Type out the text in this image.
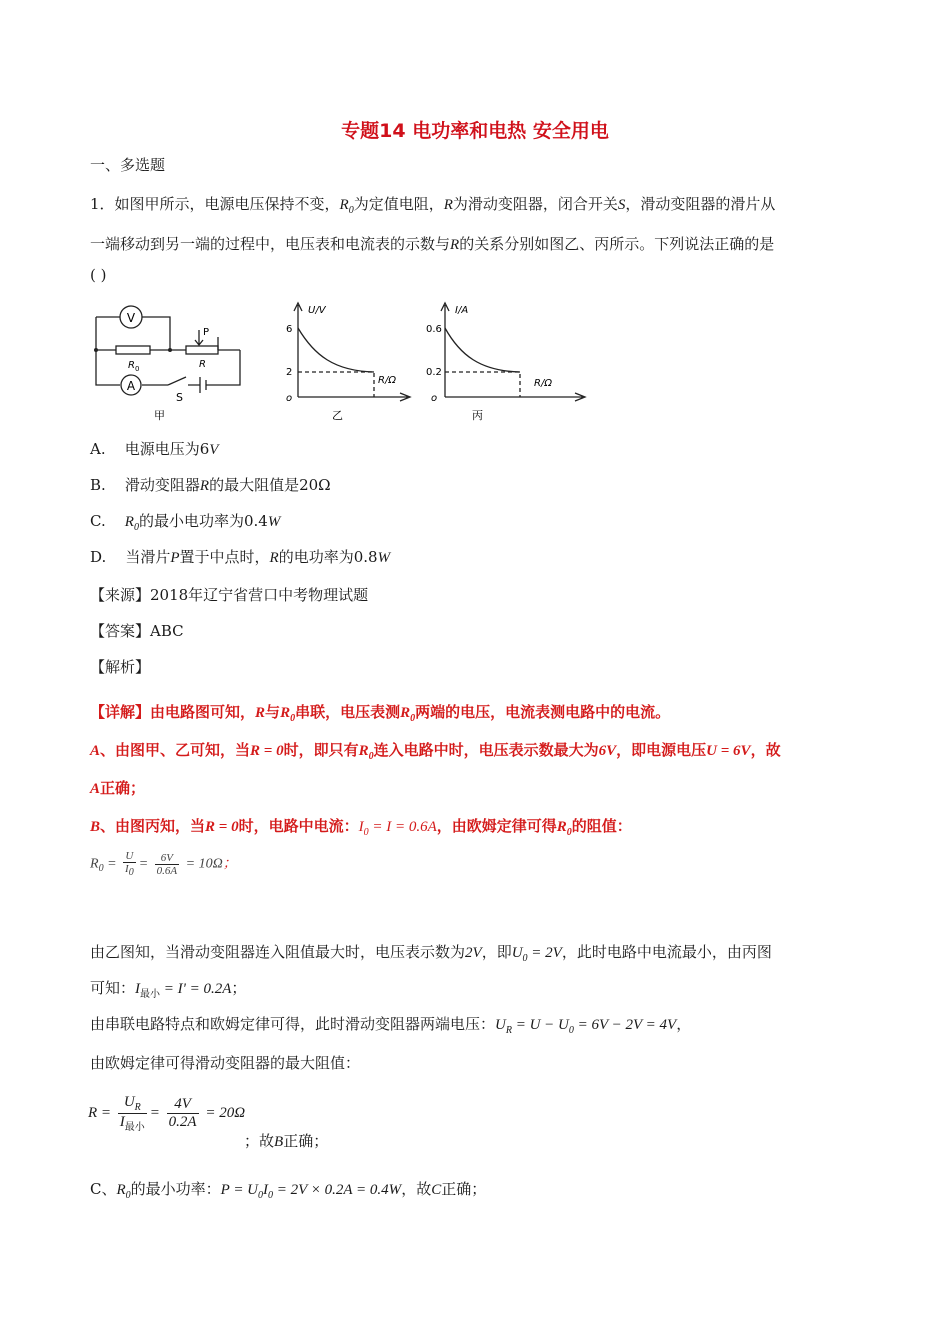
专题14 电功率和电热 安全用电
一、多选题
1．如图甲所示，电源电压保持不变，$R_0$为定值电阻，R为滑动变阻器，闭合开关S，滑动变阻器的滑片从
一端移动到另一端的过程中，电压表和电流表的示数与R的关系分别如图乙、丙所示。下列说法正确的是
( )
V
A
P
R
R 0
S
甲
U/V
6
2
R/Ω
o
乙
I/A
0.6
0.2
R/Ω
o
丙
A. 电源电压为6V
B. 滑动变阻器R的最大阻值是20Ω
C. $R_0$的最小电功率为0.4W
D. 当滑片P置于中点时，R的电功率为0.8W
【来源】2018年辽宁省营口中考物理试题
【答案】ABC
【解析】
【详解】由电路图可知，R与$R_0$串联，电压表测$R_0$两端的电压，电流表测电路中的电流。
A、由图甲、乙可知，当R = 0时，即只有$R_0$连入电路中时，电压表示数最大为6V，即电源电压U = 6V，故
A正确；
B、由图丙知，当R = 0时，电路中电流：$I_0 = I = 0.6A$，由欧姆定律可得$R_0$的阻值：
$R_0 = \frac{U}{I_0} = \frac{6V}{0.6A} = 10\Omega$；
由乙图知，当滑动变阻器连入阻值最大时，电压表示数为2V，即$U_0 = 2V$，此时电路中电流最小，由丙图
可知：$I_{最小} = I' = 0.2A$；
由串联电路特点和欧姆定律可得，此时滑动变阻器两端电压：$U_R = U - U_0 = 6V - 2V = 4V$，
由欧姆定律可得滑动变阻器的最大阻值：
$R = \frac{U_R}{I_{最小}} = \frac{4V}{0.2A} = 20\Omega$
；故B正确；
C、$R_0$的最小功率：$P = U_0I_0 = 2V \times 0.2A = 0.4W$，故C正确；
